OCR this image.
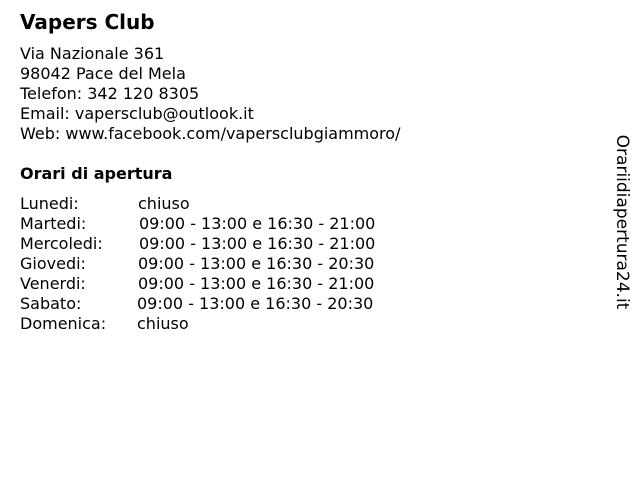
Vapers Club
Via Nazionale 361
98042 Pace del Mela
Telefon: 342 120 8305
Email: vapersclub@outlook.it
Web: www.facebook.com/vapersclubgiammoro/
Orari di apertura
Lunedi:	chiuso
Martedi:	09:00 - 13:00 e 16:30 - 21:00
Mercoledi: 09:00 - 13:00 e 16:30 - 21:00
Giovedi:	09:00 - 13:00 e 16:30 - 20:30
Venerdi:	09:00 - 13:00 e 16:30 - 21:00
Sabato:	09:00 - 13:00 e 16:30 - 20:30
Domenica: chiuso
Orariidiapertura24.it
